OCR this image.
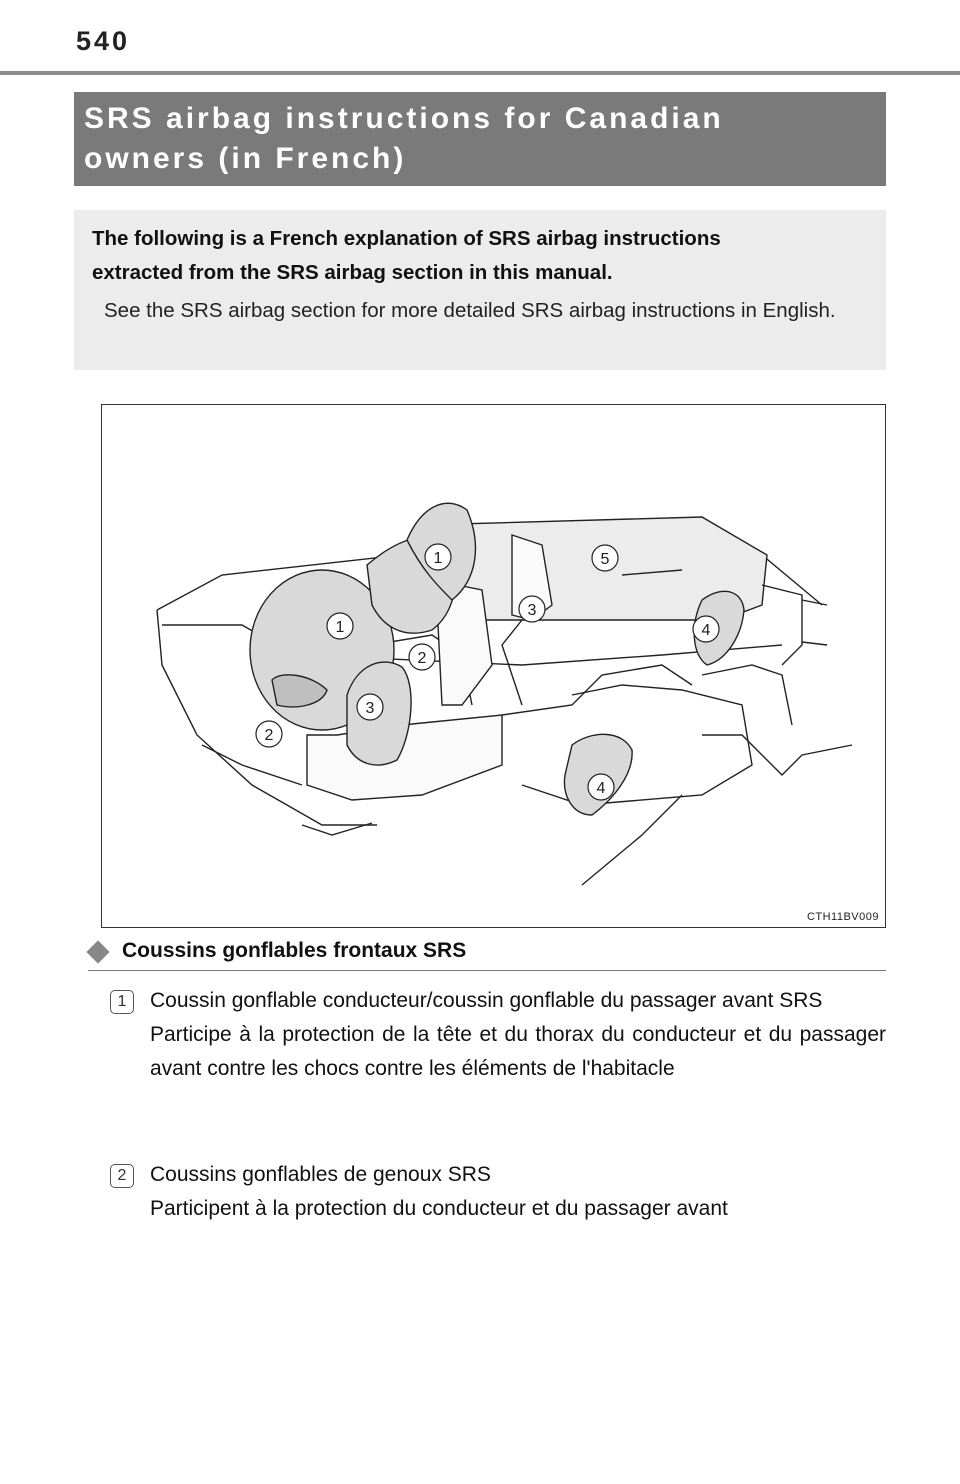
540
SRS airbag instructions for Canadian
owners (in French)
The following is a French explanation of SRS airbag instructions
extracted from the SRS airbag section in this manual.
See the SRS airbag section for more detailed SRS airbag instructions in English.
1
1
2
2
3
3
4
4
5
CTH11BV009
Coussins gonflables frontaux SRS
1	Coussin gonflable conducteur/coussin gonflable du passager avant SRS
Participe à la protection de la tête et du thorax du conducteur et du passager avant contre les chocs contre les éléments de l'habitacle
2	Coussins gonflables de genoux SRS
Participent à la protection du conducteur et du passager avant
